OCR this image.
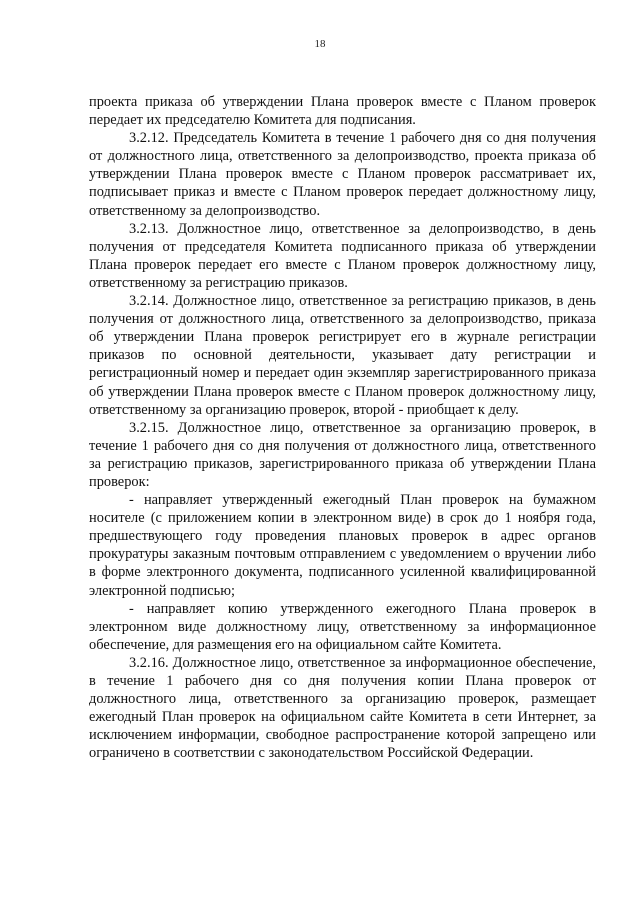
18

проекта приказа об утверждении Плана проверок вместе с Планом проверок передает их председателю Комитета для подписания.

3.2.12. Председатель Комитета в течение 1 рабочего дня со дня получения от должностного лица, ответственного за делопроизводство, проекта приказа об утверждении Плана проверок вместе с Планом проверок рассматривает их, подписывает приказ и вместе с Планом проверок передает должностному лицу, ответственному за делопроизводство.

3.2.13. Должностное лицо, ответственное за делопроизводство, в день получения от председателя Комитета подписанного приказа об утверждении Плана проверок передает его вместе с Планом проверок должностному лицу, ответственному за регистрацию приказов.

3.2.14. Должностное лицо, ответственное за регистрацию приказов, в день получения от должностного лица, ответственного за делопроизводство, приказа об утверждении Плана проверок регистрирует его в журнале регистрации приказов по основной деятельности, указывает дату регистрации и регистрационный номер и передает один экземпляр зарегистрированного приказа об утверждении Плана проверок вместе с Планом проверок должностному лицу, ответственному за организацию проверок, второй - приобщает к делу.

3.2.15. Должностное лицо, ответственное за организацию проверок, в течение 1 рабочего дня со дня получения от должностного лица, ответственного за регистрацию приказов, зарегистрированного приказа об утверждении Плана проверок:

- направляет утвержденный ежегодный План проверок на бумажном носителе (с приложением копии в электронном виде) в срок до 1 ноября года, предшествующего году проведения плановых проверок в адрес органов прокуратуры заказным почтовым отправлением с уведомлением о вручении либо в форме электронного документа, подписанного усиленной квалифицированной электронной подписью;

- направляет копию утвержденного ежегодного Плана проверок в электронном виде должностному лицу, ответственному за информационное обеспечение, для размещения его на официальном сайте Комитета.

3.2.16. Должностное лицо, ответственное за информационное обеспечение, в течение 1 рабочего дня со дня получения копии Плана проверок от должностного лица, ответственного за организацию проверок, размещает ежегодный План проверок на официальном сайте Комитета в сети Интернет, за исключением информации, свободное распространение которой запрещено или ограничено в соответствии с законодательством Российской Федерации.
